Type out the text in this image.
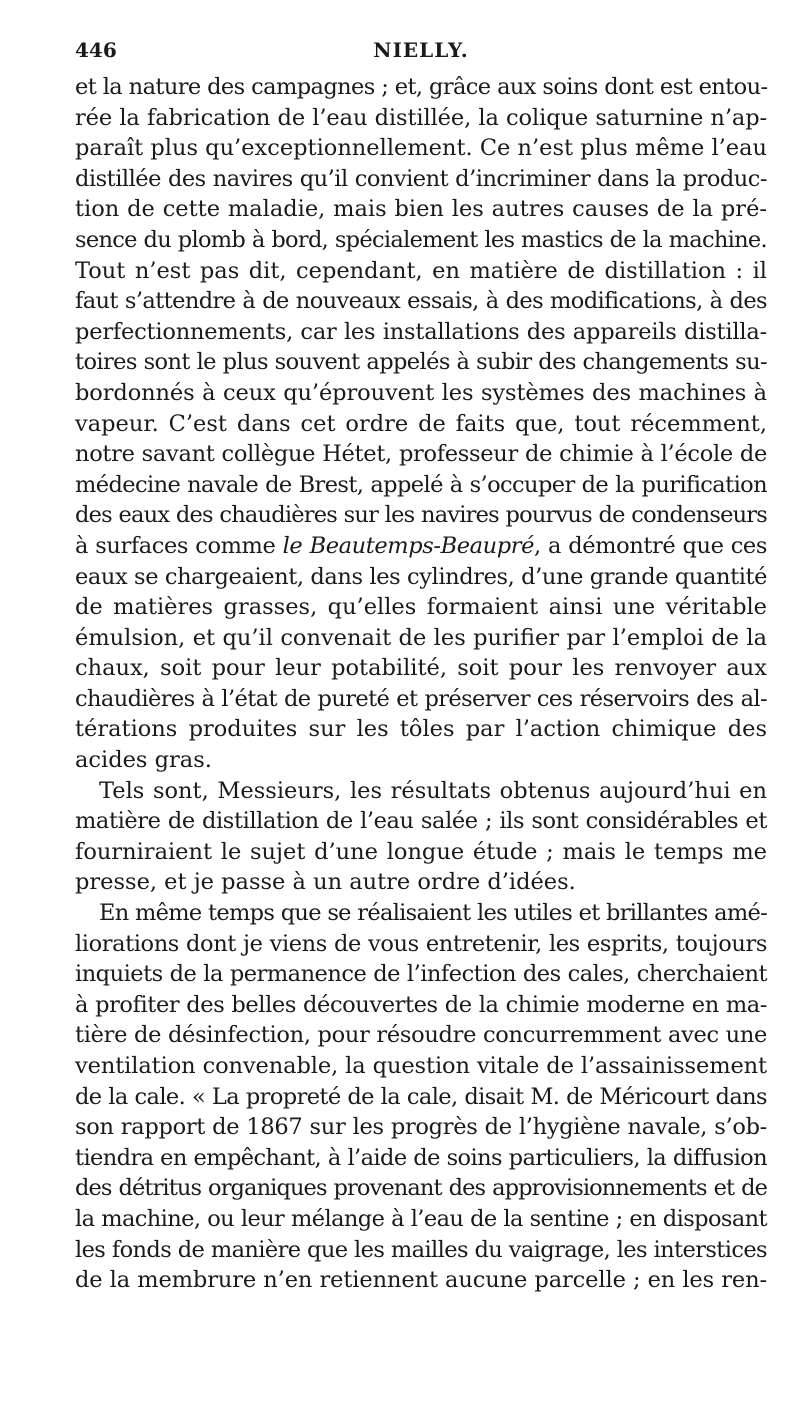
446	NIELLY.
et la nature des campagnes ; et, grâce aux soins dont est entou-
rée la fabrication de l’eau distillée, la colique saturnine n’ap-
paraît plus qu’exceptionnellement. Ce n’est plus même l’eau
distillée des navires qu’il convient d’incriminer dans la produc-
tion de cette maladie, mais bien les autres causes de la pré-
sence du plomb à bord, spécialement les mastics de la machine.
Tout n’est pas dit, cependant, en matière de distillation : il
faut s’attendre à de nouveaux essais, à des modifications, à des
perfectionnements, car les installations des appareils distilla-
toires sont le plus souvent appelés à subir des changements su-
bordonnés à ceux qu’éprouvent les systèmes des machines à
vapeur. C’est dans cet ordre de faits que, tout récemment,
notre savant collègue Hétet, professeur de chimie à l’école de
médecine navale de Brest, appelé à s’occuper de la purification
des eaux des chaudières sur les navires pourvus de condenseurs
à surfaces comme le Beautemps-Beaupré, a démontré que ces
eaux se chargeaient, dans les cylindres, d’une grande quantité
de matières grasses, qu’elles formaient ainsi une véritable
émulsion, et qu’il convenait de les purifier par l’emploi de la
chaux, soit pour leur potabilité, soit pour les renvoyer aux
chaudières à l’état de pureté et préserver ces réservoirs des al-
térations produites sur les tôles par l’action chimique des
acides gras.
Tels sont, Messieurs, les résultats obtenus aujourd’hui en
matière de distillation de l’eau salée ; ils sont considérables et
fourniraient le sujet d’une longue étude ; mais le temps me
presse, et je passe à un autre ordre d’idées.
En même temps que se réalisaient les utiles et brillantes amé-
liorations dont je viens de vous entretenir, les esprits, toujours
inquiets de la permanence de l’infection des cales, cherchaient
à profiter des belles découvertes de la chimie moderne en ma-
tière de désinfection, pour résoudre concurremment avec une
ventilation convenable, la question vitale de l’assainissement
de la cale. « La propreté de la cale, disait M. de Méricourt dans
son rapport de 1867 sur les progrès de l’hygiène navale, s’ob-
tiendra en empêchant, à l’aide de soins particuliers, la diffusion
des détritus organiques provenant des approvisionnements et de
la machine, ou leur mélange à l’eau de la sentine ; en disposant
les fonds de manière que les mailles du vaigrage, les interstices
de la membrure n’en retiennent aucune parcelle ; en les ren-
